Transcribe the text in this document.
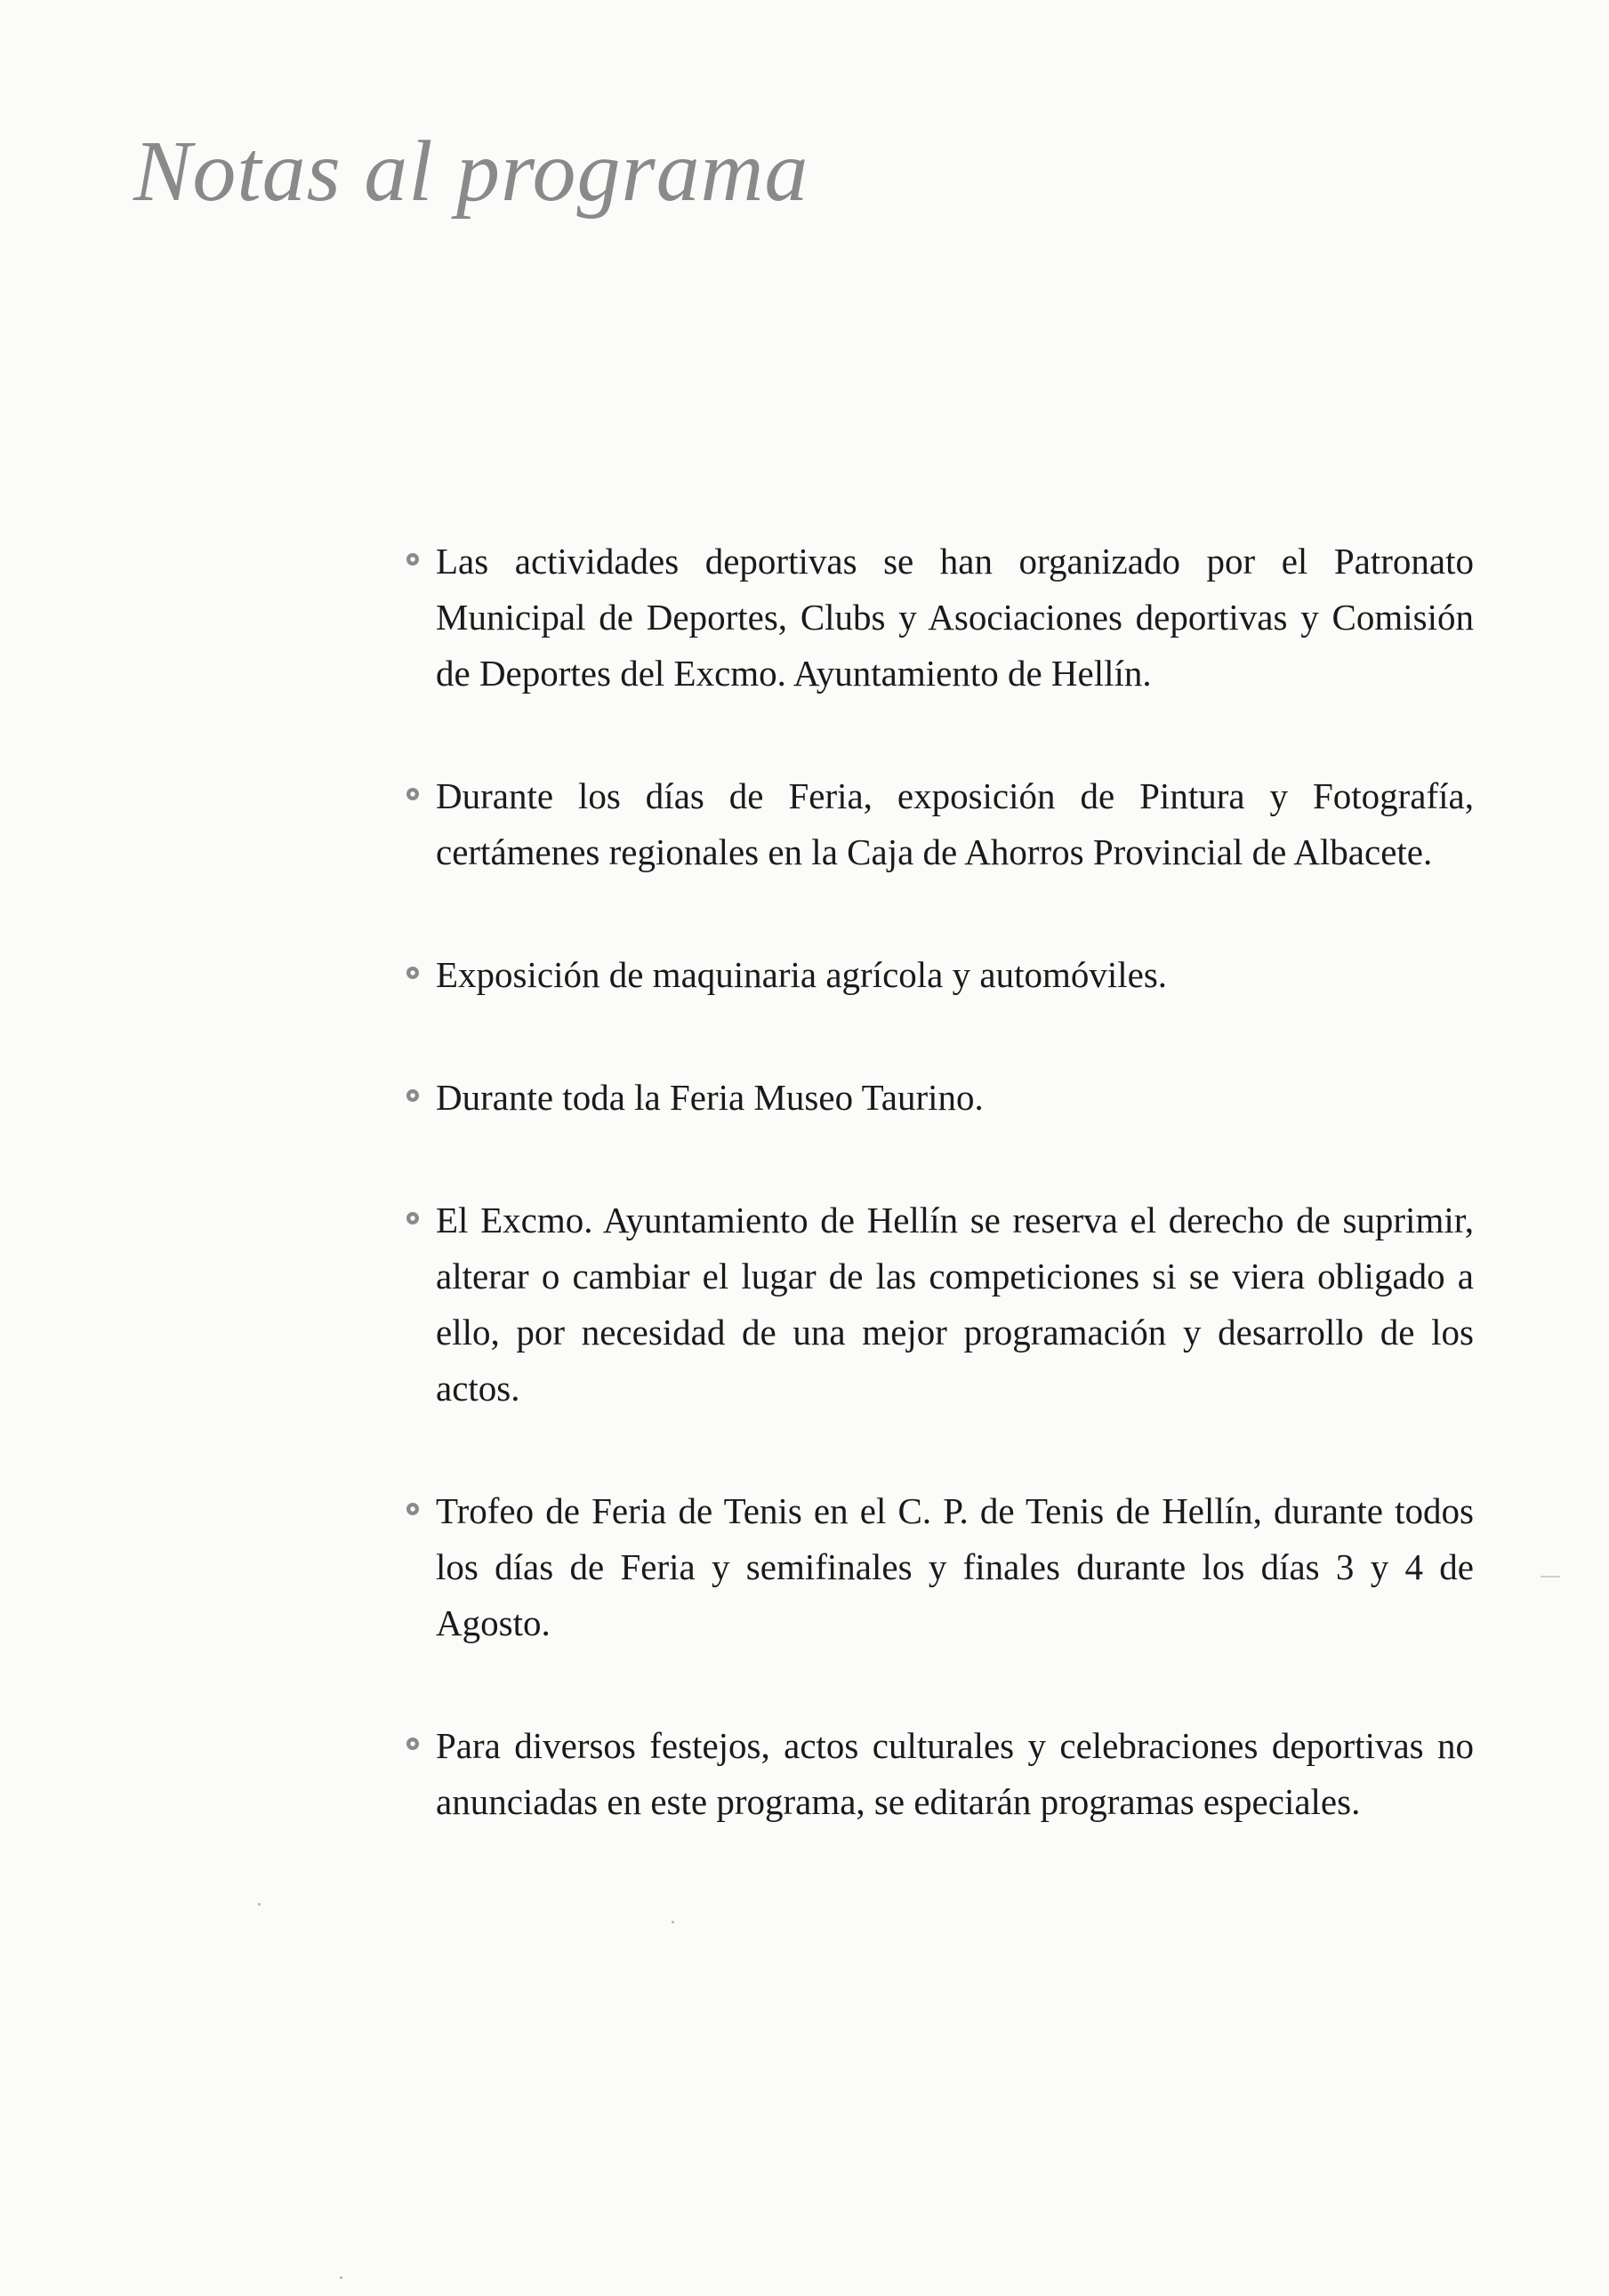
Notas al programa
Las actividades deportivas se han organizado por el Patronato Municipal de Deportes, Clubs y Asociaciones deportivas y Comisión de Deportes del Excmo. Ayuntamiento de Hellín.
Durante los días de Feria, exposición de Pintura y Fotografía, certámenes regionales en la Caja de Ahorros Provincial de Albacete.
Exposición de maquinaria agrícola y automóviles.
Durante toda la Feria Museo Taurino.
El Excmo. Ayuntamiento de Hellín se reserva el derecho de suprimir, alterar o cambiar el lugar de las competiciones si se viera obligado a ello, por necesidad de una mejor programación y desarrollo de los actos.
Trofeo de Feria de Tenis en el C. P. de Tenis de Hellín, durante todos los días de Feria y semifinales y finales durante los días 3 y 4 de Agosto.
Para diversos festejos, actos culturales y celebraciones deportivas no anunciadas en este programa, se editarán programas especiales.
